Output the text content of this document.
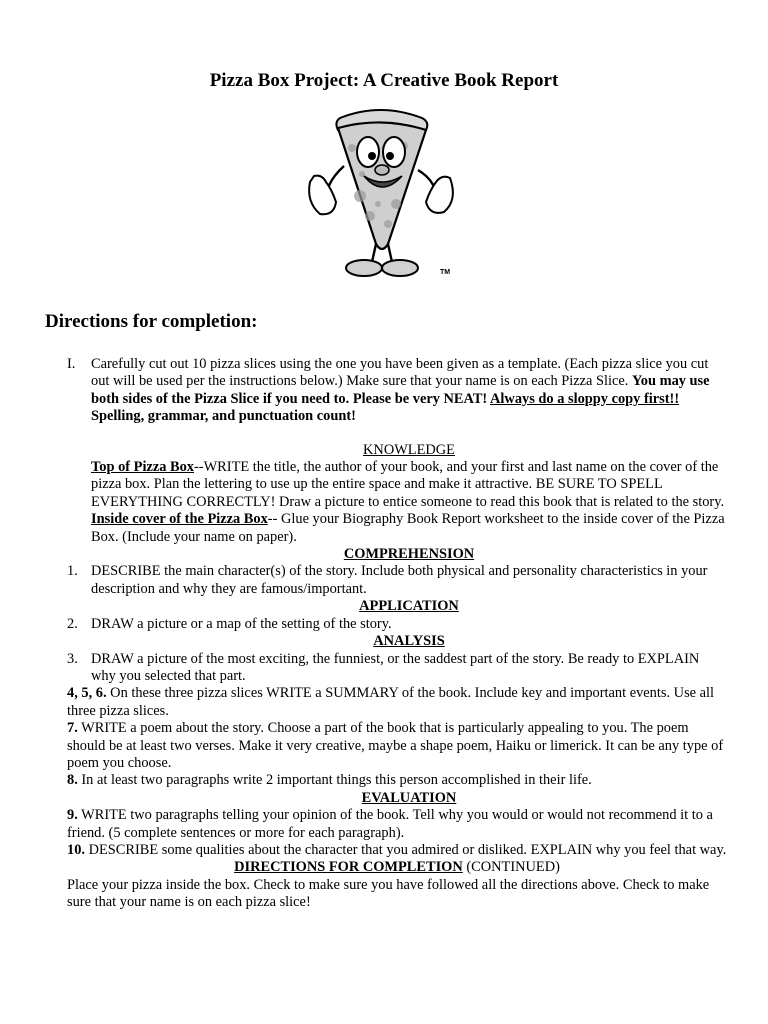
Pizza Box Project: A Creative Book Report
TM
Directions for completion:
I.	Carefully cut out 10 pizza slices using the one you have been given as a template. (Each pizza slice you cut out will be used per the instructions below.) Make sure that your name is on each Pizza Slice. You may use both sides of the Pizza Slice if you need to. Please be very NEAT! Always do a sloppy copy first!! Spelling, grammar, and punctuation count!
KNOWLEDGE
Top of Pizza Box--WRITE the title, the author of your book, and your first and last name on the cover of the pizza box. Plan the lettering to use up the entire space and make it attractive. BE SURE TO SPELL EVERYTHING CORRECTLY! Draw a picture to entice someone to read this book that is related to the story.
Inside cover of the Pizza Box-- Glue your Biography Book Report worksheet to the inside cover of the Pizza Box. (Include your name on paper).
COMPREHENSION
1. DESCRIBE the main character(s) of the story. Include both physical and personality characteristics in your description and why they are famous/important.
APPLICATION
2. DRAW a picture or a map of the setting of the story.
ANALYSIS
3. DRAW a picture of the most exciting, the funniest, or the saddest part of the story. Be ready to EXPLAIN why you selected that part.
4, 5, 6. On these three pizza slices WRITE a SUMMARY of the book. Include key and important events. Use all three pizza slices.
7. WRITE a poem about the story. Choose a part of the book that is particularly appealing to you. The poem should be at least two verses. Make it very creative, maybe a shape poem, Haiku or limerick. It can be any type of poem you choose.
8. In at least two paragraphs write 2 important things this person accomplished in their life.
EVALUATION
9. WRITE two paragraphs telling your opinion of the book. Tell why you would or would not recommend it to a friend. (5 complete sentences or more for each paragraph).
10. DESCRIBE some qualities about the character that you admired or disliked. EXPLAIN why you feel that way.
DIRECTIONS FOR COMPLETION (CONTINUED)
Place your pizza inside the box. Check to make sure you have followed all the directions above. Check to make sure that your name is on each pizza slice!
